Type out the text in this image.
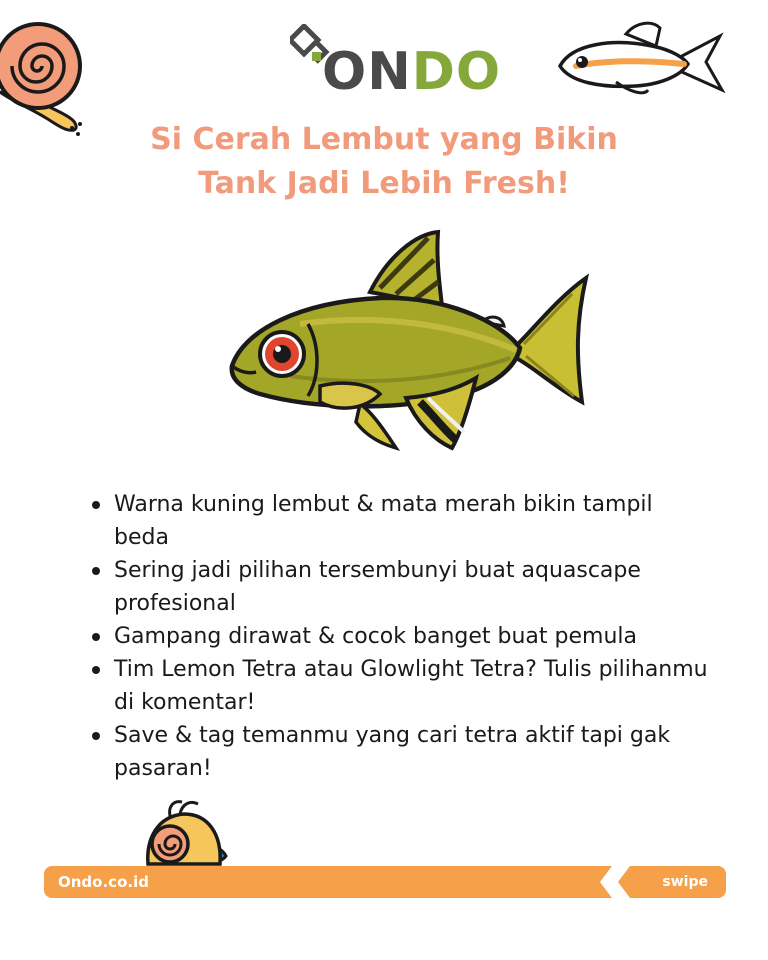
ONDO
Si Cerah Lembut yang Bikin
Tank Jadi Lebih Fresh!
Warna kuning lembut & mata merah bikin tampil beda
Sering jadi pilihan tersembunyi buat aquascape profesional
Gampang dirawat & cocok banget buat pemula
Tim Lemon Tetra atau Glowlight Tetra? Tulis pilihanmu di komentar!
Save & tag temanmu yang cari tetra aktif tapi gak pasaran!
Ondo.co.id	swipe
